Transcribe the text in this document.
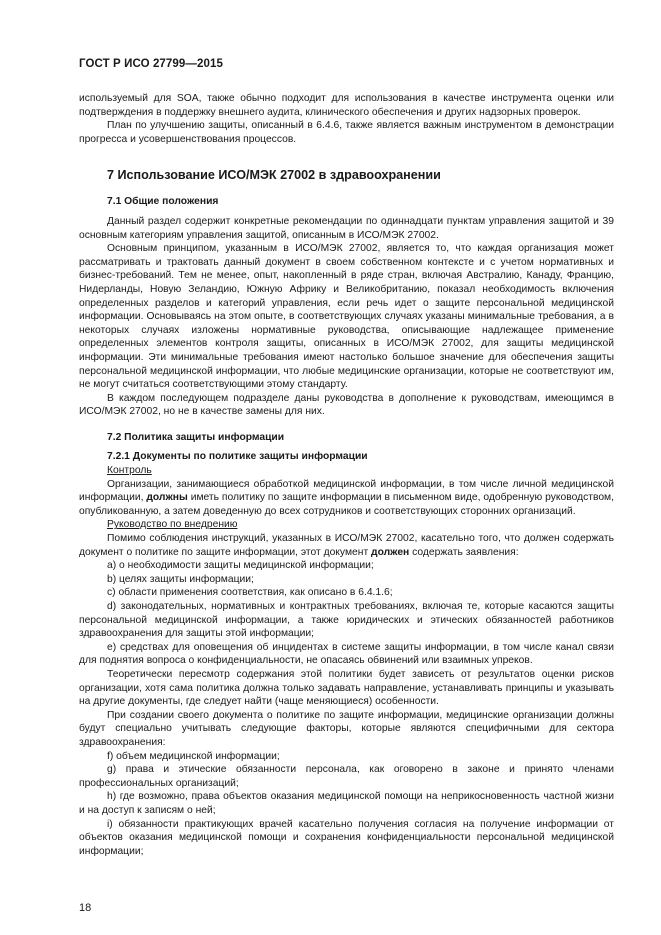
ГОСТ Р ИСО 27799—2015

используемый для SOA, также обычно подходит для использования в качестве инструмента оценки или подтверждения в поддержку внешнего аудита, клинического обеспечения и других надзорных проверок.

План по улучшению защиты, описанный в 6.4.6, также является важным инструментом в демонстрации прогресса и усовершенствования процессов.

7 Использование ИСО/МЭК 27002 в здравоохранении

7.1 Общие положения

Данный раздел содержит конкретные рекомендации по одиннадцати пунктам управления защитой и 39 основным категориям управления защитой, описанным в ИСО/МЭК 27002.

Основным принципом, указанным в ИСО/МЭК 27002, является то, что каждая организация может рассматривать и трактовать данный документ в своем собственном контексте и с учетом нормативных и бизнес-требований. Тем не менее, опыт, накопленный в ряде стран, включая Австралию, Канаду, Францию, Нидерланды, Новую Зеландию, Южную Африку и Великобританию, показал необходимость включения определенных разделов и категорий управления, если речь идет о защите персональной медицинской информации. Основываясь на этом опыте, в соответствующих случаях указаны минимальные требования, а в некоторых случаях изложены нормативные руководства, описывающие надлежащее применение определенных элементов контроля защиты, описанных в ИСО/МЭК 27002, для защиты медицинской информации. Эти минимальные требования имеют настолько большое значение для обеспечения защиты персональной медицинской информации, что любые медицинские организации, которые не соответствуют им, не могут считаться соответствующими этому стандарту.

В каждом последующем подразделе даны руководства в дополнение к руководствам, имеющимся в ИСО/МЭК 27002, но не в качестве замены для них.

7.2 Политика защиты информации

7.2.1 Документы по политике защиты информации

Контроль

Организации, занимающиеся обработкой медицинской информации, в том числе личной медицинской информации, должны иметь политику по защите информации в письменном виде, одобренную руководством, опубликованную, а затем доведенную до всех сотрудников и соответствующих сторонних организаций.

Руководство по внедрению

Помимо соблюдения инструкций, указанных в ИСО/МЭК 27002, касательно того, что должен содержать документ о политике по защите информации, этот документ должен содержать заявления:

а) о необходимости защиты медицинской информации;

b) целях защиты информации;

c) области применения соответствия, как описано в 6.4.1.6;

d) законодательных, нормативных и контрактных требованиях, включая те, которые касаются защиты персональной медицинской информации, а также юридических и этических обязанностей работников здравоохранения для защиты этой информации;

e) средствах для оповещения об инцидентах в системе защиты информации, в том числе канал связи для поднятия вопроса о конфиденциальности, не опасаясь обвинений или взаимных упреков.

Теоретически пересмотр содержания этой политики будет зависеть от результатов оценки рисков организации, хотя сама политика должна только задавать направление, устанавливать принципы и указывать на другие документы, где следует найти (чаще меняющиеся) особенности.

При создании своего документа о политике по защите информации, медицинские организации должны будут специально учитывать следующие факторы, которые являются специфичными для сектора здравоохранения:

f) объем медицинской информации;

g) права и этические обязанности персонала, как оговорено в законе и принято членами профессиональных организаций;

h) где возможно, права объектов оказания медицинской помощи на неприкосновенность частной жизни и на доступ к записям о ней;

i) обязанности практикующих врачей касательно получения согласия на получение информации от объектов оказания медицинской помощи и сохранения конфиденциальности персональной медицинской информации;

18
